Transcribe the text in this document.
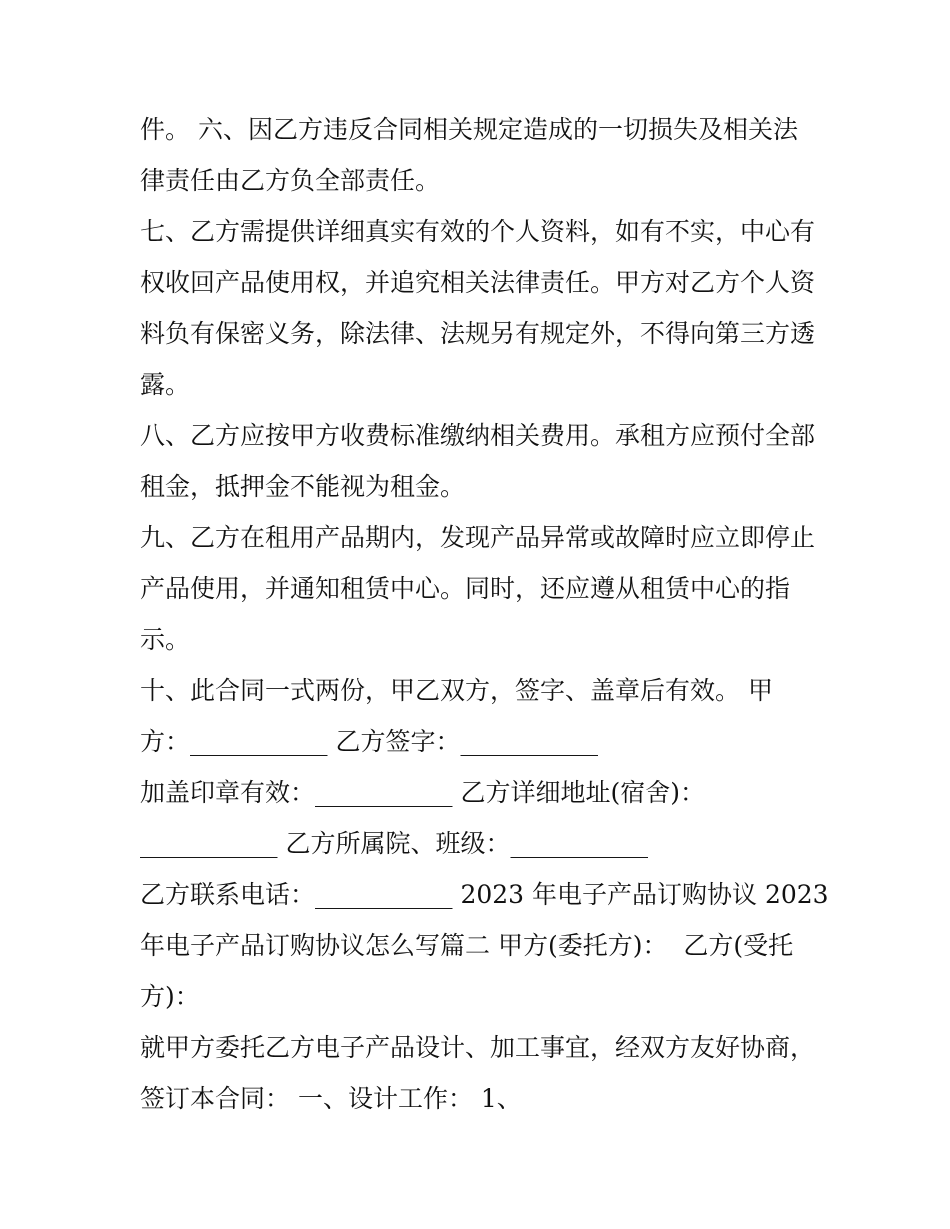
件。 六、因乙方违反合同相关规定造成的一切损失及相关法
律责任由乙方负全部责任。
七、乙方需提供详细真实有效的个人资料，如有不实，中心有
权收回产品使用权，并追究相关法律责任。甲方对乙方个人资
料负有保密义务，除法律、法规另有规定外，不得向第三方透
露。
八、乙方应按甲方收费标准缴纳相关费用。承租方应预付全部
租金，抵押金不能视为租金。
九、乙方在租用产品期内，发现产品异常或故障时应立即停止
产品使用，并通知租赁中心。同时，还应遵从租赁中心的指
示。
十、此合同一式两份，甲乙双方，签字、盖章后有效。 甲
方：___________ 乙方签字：___________
加盖印章有效：___________ 乙方详细地址(宿舍)：
___________ 乙方所属院、班级：___________
乙方联系电话：___________ 2023 年电子产品订购协议 2023
年电子产品订购协议怎么写篇二 甲方(委托方)：  乙方(受托
方)：
就甲方委托乙方电子产品设计、加工事宜，经双方友好协商，
签订本合同： 一、设计工作： 1、
